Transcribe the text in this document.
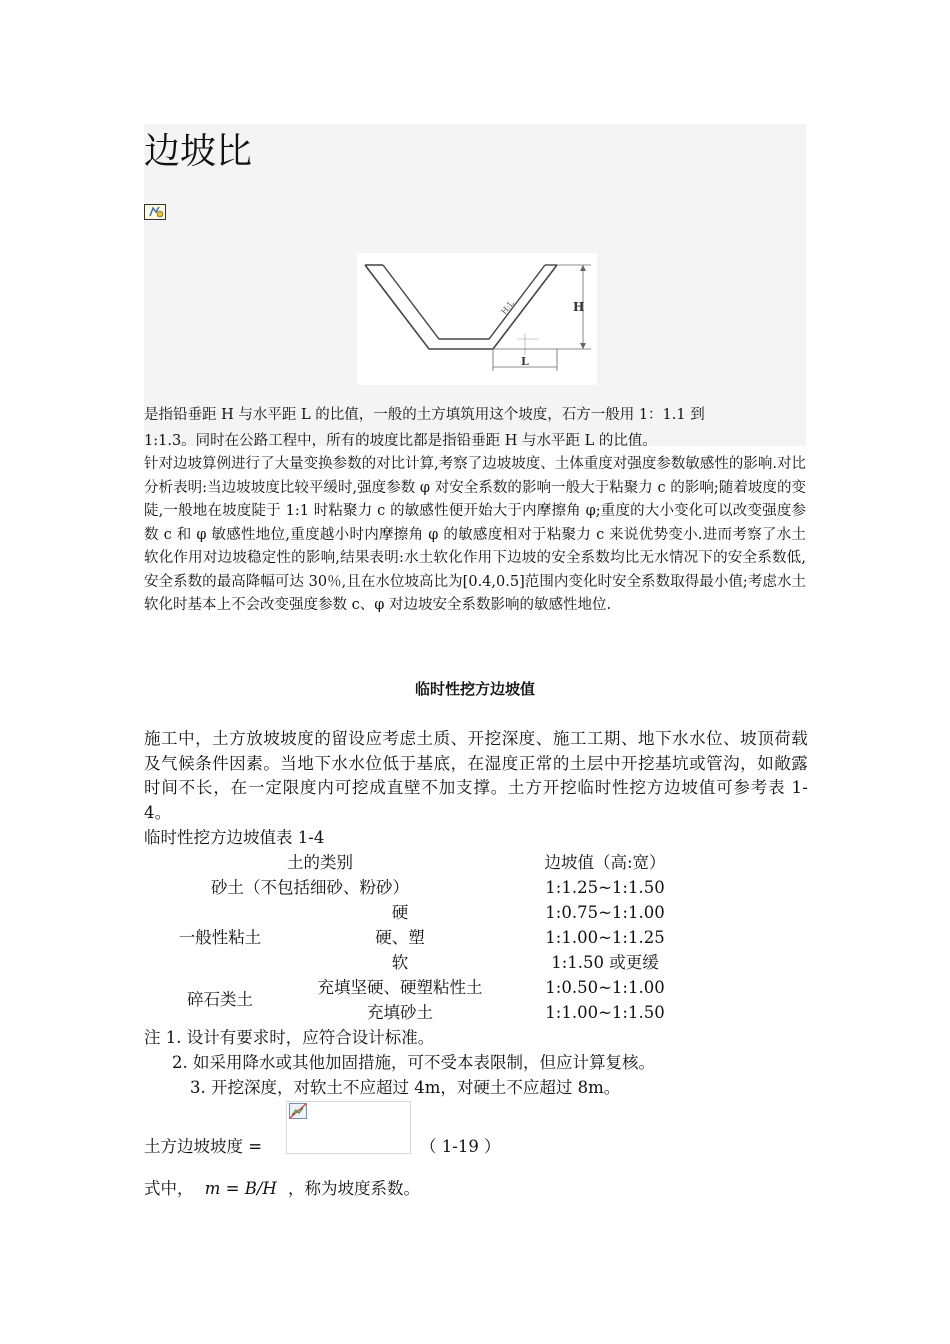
边坡比
H:L	H
L

是指铅垂距 H 与水平距 L 的比值，一般的土方填筑用这个坡度，石方一般用 1：1.1 到
1:1.3。同时在公路工程中，所有的坡度比都是指铅垂距 H 与水平距 L 的比值。

针对边坡算例进行了大量变换参数的对比计算,考察了边坡坡度、土体重度对强度参数敏感性的影响.对比分析表明:当边坡坡度比较平缓时,强度参数 φ 对安全系数的影响一般大于粘聚力 c 的影响;随着坡度的变陡,一般地在坡度陡于 1:1 时粘聚力 c 的敏感性便开始大于内摩擦角 φ;重度的大小变化可以改变强度参数 c 和 φ 敏感性地位,重度越小时内摩擦角 φ 的敏感度相对于粘聚力 c 来说优势变小.进而考察了水土软化作用对边坡稳定性的影响,结果表明:水土软化作用下边坡的安全系数均比无水情况下的安全系数低,安全系数的最高降幅可达 30％,且在水位坡高比为[0.4,0.5]范围内变化时安全系数取得最小值;考虑水土软化时基本上不会改变强度参数 c、φ 对边坡安全系数影响的敏感性地位.

临时性挖方边坡值

施工中，土方放坡坡度的留设应考虑土质、开挖深度、施工工期、地下水水位、坡顶荷载及气候条件因素。当地下水水位低于基底，在湿度正常的土层中开挖基坑或管沟，如敞露时间不长，在一定限度内可挖成直壁不加支撑。土方开挖临时性挖方边坡值可参考表 1-4。

临时性挖方边坡值表 1-4

土的类别	边坡值（高:宽）
砂土（不包括细砂、粉砂）	1:1.25~1:1.50
一般性粘土
硬	1:0.75~1:1.00
硬、塑	1:1.00~1:1.25
软	1:1.50 或更缓
碎石类土
充填坚硬、硬塑粘性土	1:0.50~1:1.00
充填砂土	1:1.00~1:1.50

注 1. 设计有要求时，应符合设计标准。

2. 如采用降水或其他加固措施，可不受本表限制，但应计算复核。

3. 开挖深度，对软土不应超过 4m，对硬土不应超过 8m。

土方边坡坡度 =	（ 1-19 ）
式中， m = B/H ，称为坡度系数。
